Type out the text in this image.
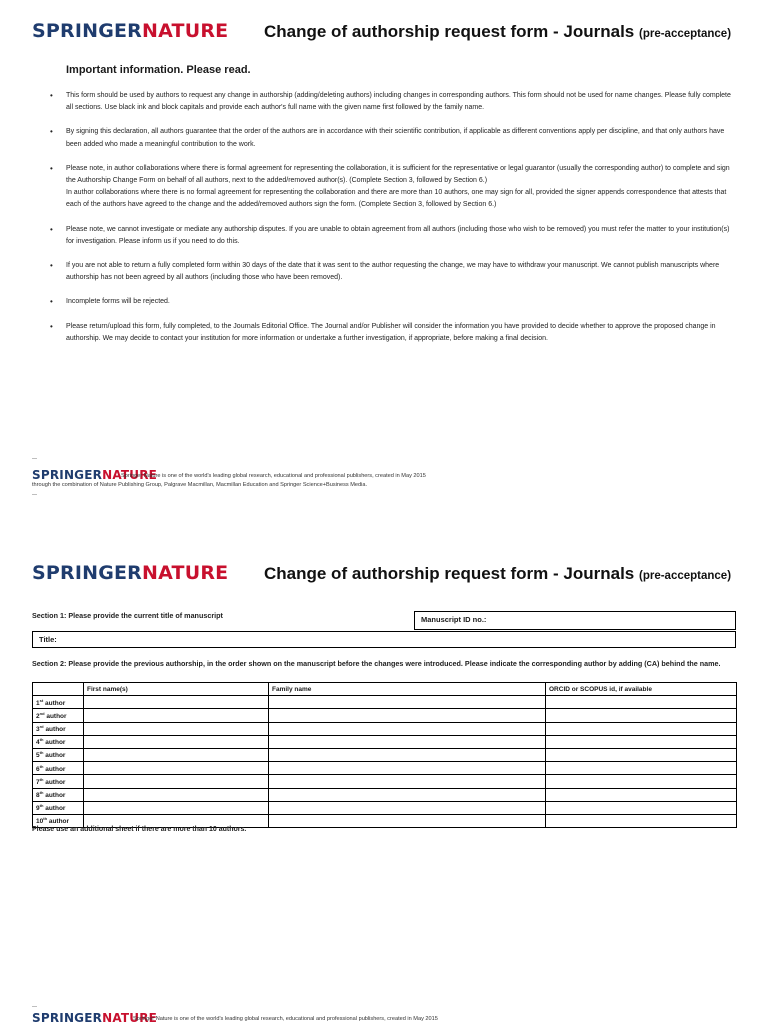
SPRINGERNATURE Change of authorship request form - Journals (pre-acceptance)
Important information. Please read.
• This form should be used by authors to request any change in authorship (adding/deleting authors) including changes in corresponding authors. This form should not be used for name changes. Please fully complete all sections. Use black ink and block capitals and provide each author's full name with the given name first followed by the family name.
• By signing this declaration, all authors guarantee that the order of the authors are in accordance with their scientific contribution, if applicable as different conventions apply per discipline, and that only authors have been added who made a meaningful contribution to the work.
• Please note, in author collaborations where there is formal agreement for representing the collaboration, it is sufficient for the representative or legal guarantor (usually the corresponding author) to complete and sign the Authorship Change Form on behalf of all authors, next to the added/removed author(s). (Complete Section 3, followed by Section 6.)
In author collaborations where there is no formal agreement for representing the collaboration and there are more than 10 authors, one may sign for all, provided the signer appends correspondence that attests that each of the authors have agreed to the change and the added/removed authors sign the form. (Complete Section 3, followed by Section 6.)
• Please note, we cannot investigate or mediate any authorship disputes. If you are unable to obtain agreement from all authors (including those who wish to be removed) you must refer the matter to your institution(s) for investigation. Please inform us if you need to do this.
• If you are not able to return a fully completed form within 30 days of the date that it was sent to the author requesting the change, we may have to withdraw your manuscript. We cannot publish manuscripts where authorship has not been agreed by all authors (including those who have been removed).
• Incomplete forms will be rejected.
• Please return/upload this form, fully completed, to the Journals Editorial Office. The Journal and/or Publisher will consider the information you have provided to decide whether to approve the proposed change in authorship. We may decide to contact your institution for more information or undertake a further investigation, if appropriate, before making a final decision.
—
SPRINGERNATURE
Springer Nature is one of the world's leading global research, educational and professional publishers, created in May 2015
through the combination of Nature Publishing Group, Palgrave Macmillan, Macmillan Education and Springer Science+Business Media.
—
SPRINGERNATURE Change of authorship request form - Journals (pre-acceptance)
Section 1: Please provide the current title of manuscript	Manuscript ID no.:
Title:
Section 2: Please provide the previous authorship, in the order shown on the manuscript before the changes were introduced. Please indicate the corresponding author by adding (CA) behind the name.
	First name(s)	Family name	ORCID or SCOPUS id, if available
1st author			
2nd author			
3rd author			
4th author			
5th author			
6th author			
7th author			
8th author			
9th author			
10th author			
Please use an additional sheet if there are more than 10 authors.
—
SPRINGERNATURE
Springer Nature is one of the world's leading global research, educational and professional publishers, created in May 2015
